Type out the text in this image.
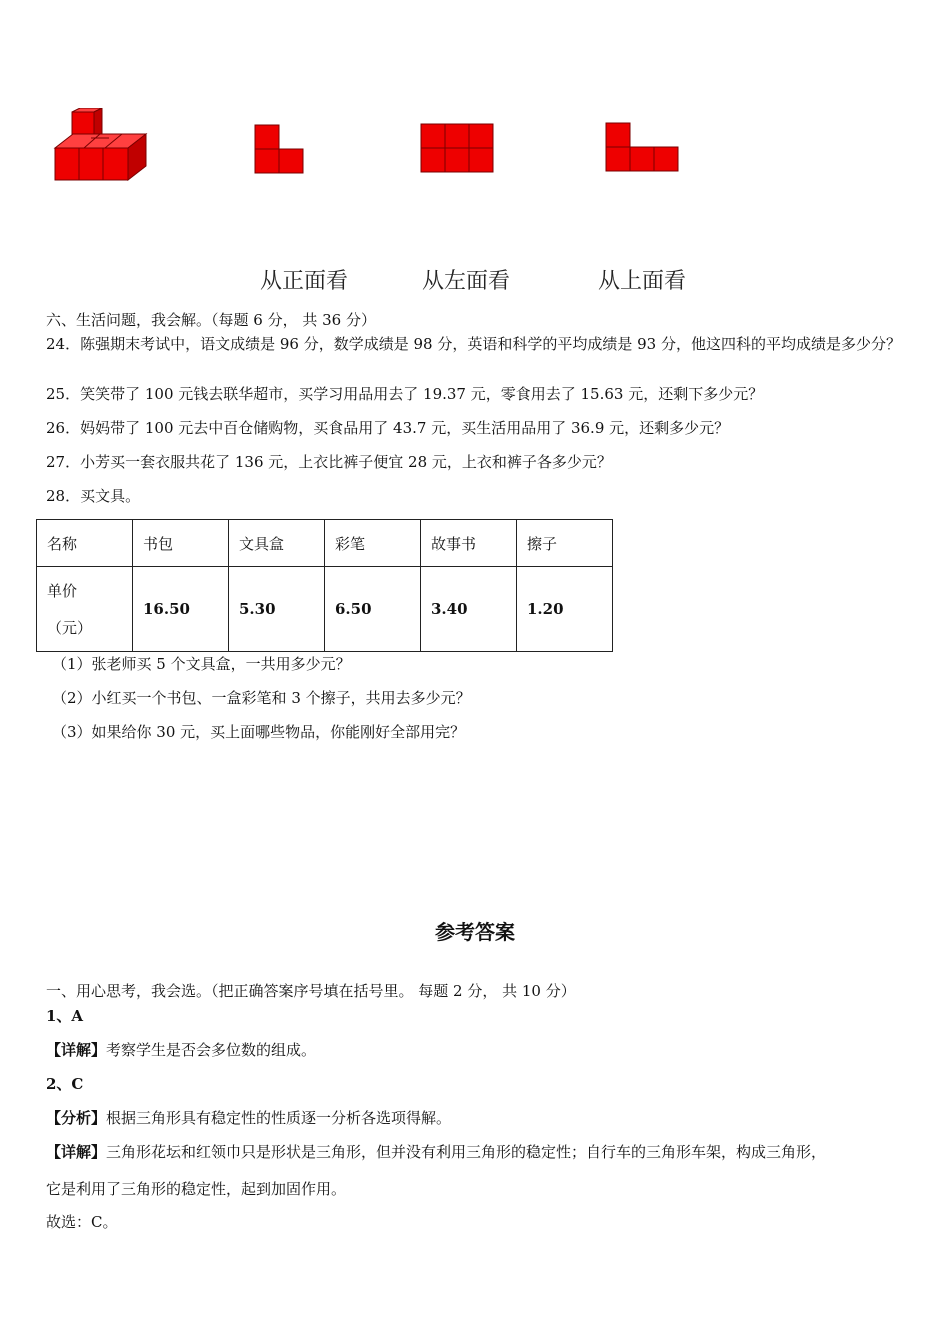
从正面看	从左面看	从上面看
六、生活问题，我会解。（每题 6 分， 共 36 分）
24．陈强期末考试中，语文成绩是 96 分，数学成绩是 98 分，英语和科学的平均成绩是 93 分，他这四科的平均成绩是多少分？
25．笑笑带了 100 元钱去联华超市，买学习用品用去了 19.37 元，零食用去了 15.63 元，还剩下多少元？
26．妈妈带了 100 元去中百仓储购物，买食品用了 43.7 元，买生活用品用了 36.9 元，还剩多少元？
27．小芳买一套衣服共花了 136 元，上衣比裤子便宜 28 元，上衣和裤子各多少元？
28．买文具。
名称	书包	文具盒	彩笔	故事书	擦子

单价
（元）	16.50	5.30	6.50	3.40	1.20
（1）张老师买 5 个文具盒，一共用多少元？
（2）小红买一个书包、一盒彩笔和 3 个擦子，共用去多少元？
（3）如果给你 30 元，买上面哪些物品，你能刚好全部用完？
参考答案
一、用心思考，我会选。（把正确答案序号填在括号里。 每题 2 分， 共 10 分）
1、A
【详解】考察学生是否会多位数的组成。
2、C
【分析】根据三角形具有稳定性的性质逐一分析各选项得解。
【详解】三角形花坛和红领巾只是形状是三角形，但并没有利用三角形的稳定性；自行车的三角形车架，构成三角形，
它是利用了三角形的稳定性，起到加固作用。
故选：C。
